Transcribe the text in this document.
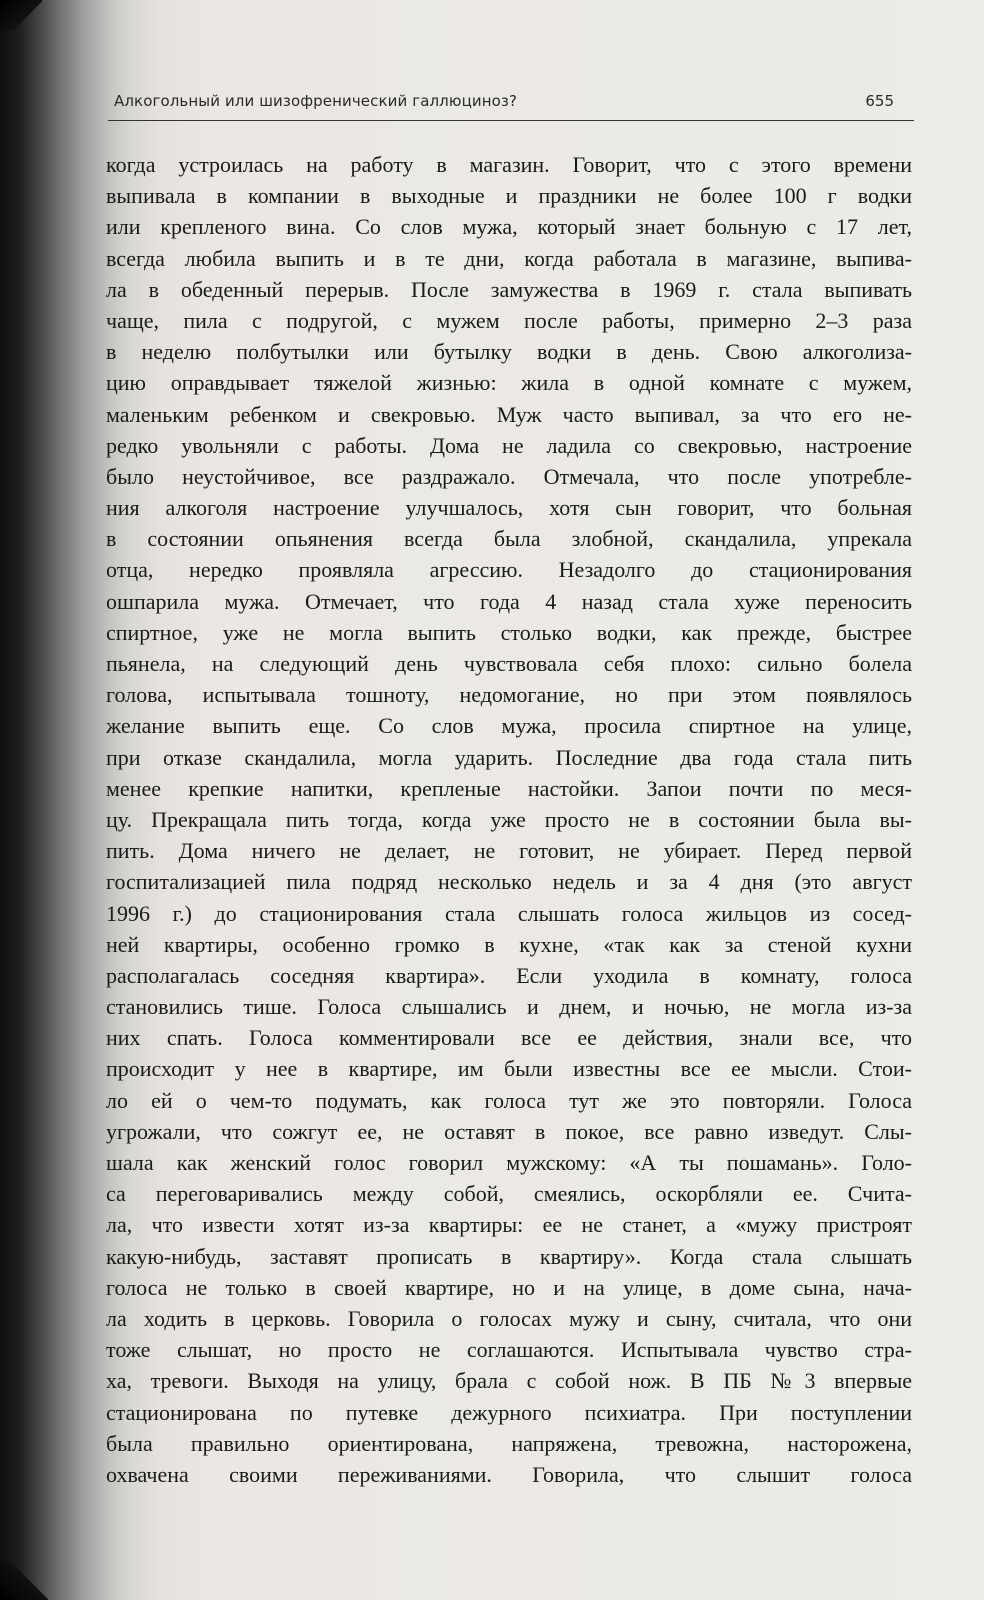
Алкогольный или шизофренический галлюциноз?	655
когда устроилась на работу в магазин. Говорит, что с этого времени
выпивала в компании в выходные и праздники не более 100 г водки
или крепленого вина. Со слов мужа, который знает больную с 17 лет,
всегда любила выпить и в те дни, когда работала в магазине, выпива-
ла в обеденный перерыв. После замужества в 1969 г. стала выпивать
чаще, пила с подругой, с мужем после работы, примерно 2–3 раза
в неделю полбутылки или бутылку водки в день. Свою алкоголиза-
цию оправдывает тяжелой жизнью: жила в одной комнате с мужем,
маленьким ребенком и свекровью. Муж часто выпивал, за что его не-
редко увольняли с работы. Дома не ладила со свекровью, настроение
было неустойчивое, все раздражало. Отмечала, что после употребле-
ния алкоголя настроение улучшалось, хотя сын говорит, что больная
в состоянии опьянения всегда была злобной, скандалила, упрекала
отца, нередко проявляла агрессию. Незадолго до стационирования
ошпарила мужа. Отмечает, что года 4 назад стала хуже переносить
спиртное, уже не могла выпить столько водки, как прежде, быстрее
пьянела, на следующий день чувствовала себя плохо: сильно болела
голова, испытывала тошноту, недомогание, но при этом появлялось
желание выпить еще. Со слов мужа, просила спиртное на улице,
при отказе скандалила, могла ударить. Последние два года стала пить
менее крепкие напитки, крепленые настойки. Запои почти по меся-
цу. Прекращала пить тогда, когда уже просто не в состоянии была вы-
пить. Дома ничего не делает, не готовит, не убирает. Перед первой
госпитализацией пила подряд несколько недель и за 4 дня (это август
1996 г.) до стационирования стала слышать голоса жильцов из сосед-
ней квартиры, особенно громко в кухне, «так как за стеной кухни
располагалась соседняя квартира». Если уходила в комнату, голоса
становились тише. Голоса слышались и днем, и ночью, не могла из-за
них спать. Голоса комментировали все ее действия, знали все, что
происходит у нее в квартире, им были известны все ее мысли. Стои-
ло ей о чем-то подумать, как голоса тут же это повторяли. Голоса
угрожали, что сожгут ее, не оставят в покое, все равно изведут. Слы-
шала как женский голос говорил мужскому: «А ты пошамань». Голо-
са переговаривались между собой, смеялись, оскорбляли ее. Счита-
ла, что извести хотят из-за квартиры: ее не станет, а «мужу пристроят
какую-нибудь, заставят прописать в квартиру». Когда стала слышать
голоса не только в своей квартире, но и на улице, в доме сына, нача-
ла ходить в церковь. Говорила о голосах мужу и сыну, считала, что они
тоже слышат, но просто не соглашаются. Испытывала чувство стра-
ха, тревоги. Выходя на улицу, брала с собой нож. В ПБ №3 впервые
стационирована по путевке дежурного психиатра. При поступлении
была правильно ориентирована, напряжена, тревожна, насторожена,
охвачена своими переживаниями. Говорила, что слышит голоса
